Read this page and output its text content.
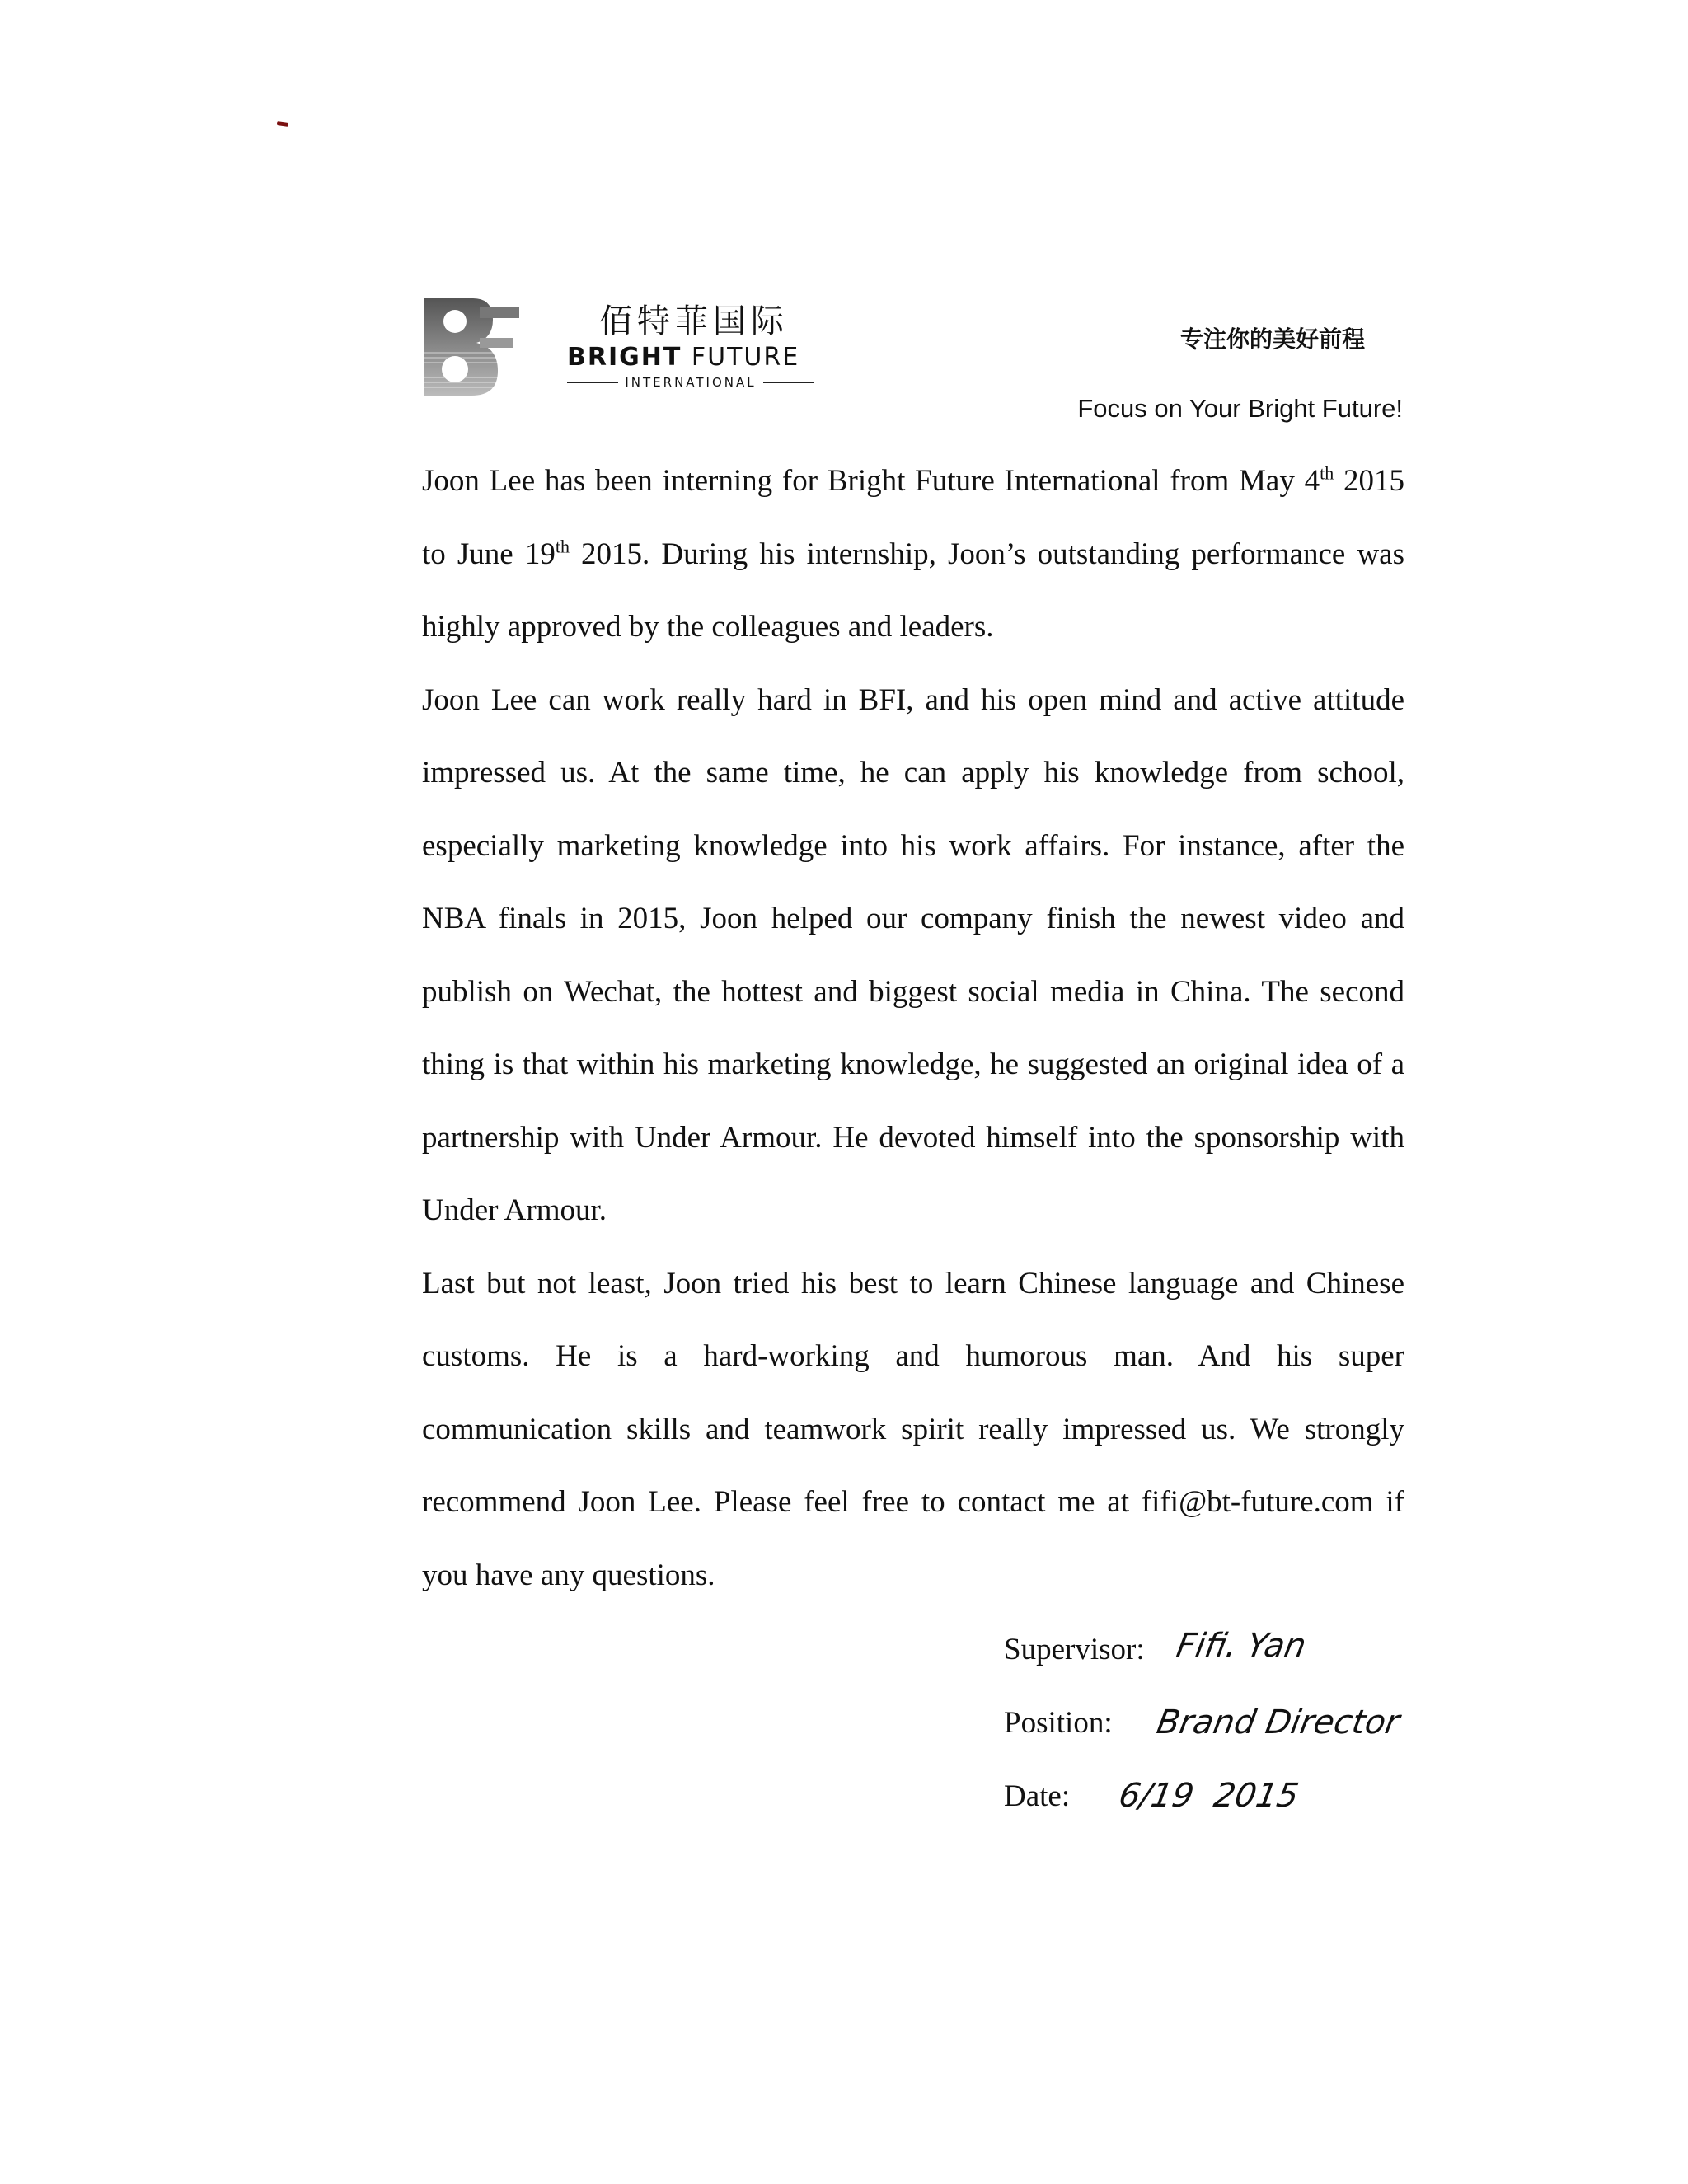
佰特菲国际
BRIGHT FUTURE
INTERNATIONAL
专注你的美好前程
Focus on Your Bright Future!

Joon Lee has been interning for Bright Future International from May 4th 2015 to June 19th 2015. During his internship, Joon’s outstanding performance was highly approved by the colleagues and leaders.

Joon Lee can work really hard in BFI, and his open mind and active attitude impressed us. At the same time, he can apply his knowledge from school, especially marketing knowledge into his work affairs. For instance, after the NBA finals in 2015, Joon helped our company finish the newest video and publish on Wechat, the hottest and biggest social media in China. The second thing is that within his marketing knowledge, he suggested an original idea of a partnership with Under Armour. He devoted himself into the sponsorship with Under Armour.

Last but not least, Joon tried his best to learn Chinese language and Chinese customs. He is a hard-working and humorous man. And his super communication skills and teamwork spirit really impressed us. We strongly recommend Joon Lee. Please feel free to contact me at fifi@bt-future.com if you have any questions.

Supervisor: Fifi. Yan
Position: Brand Director
Date: 6/19  2015
